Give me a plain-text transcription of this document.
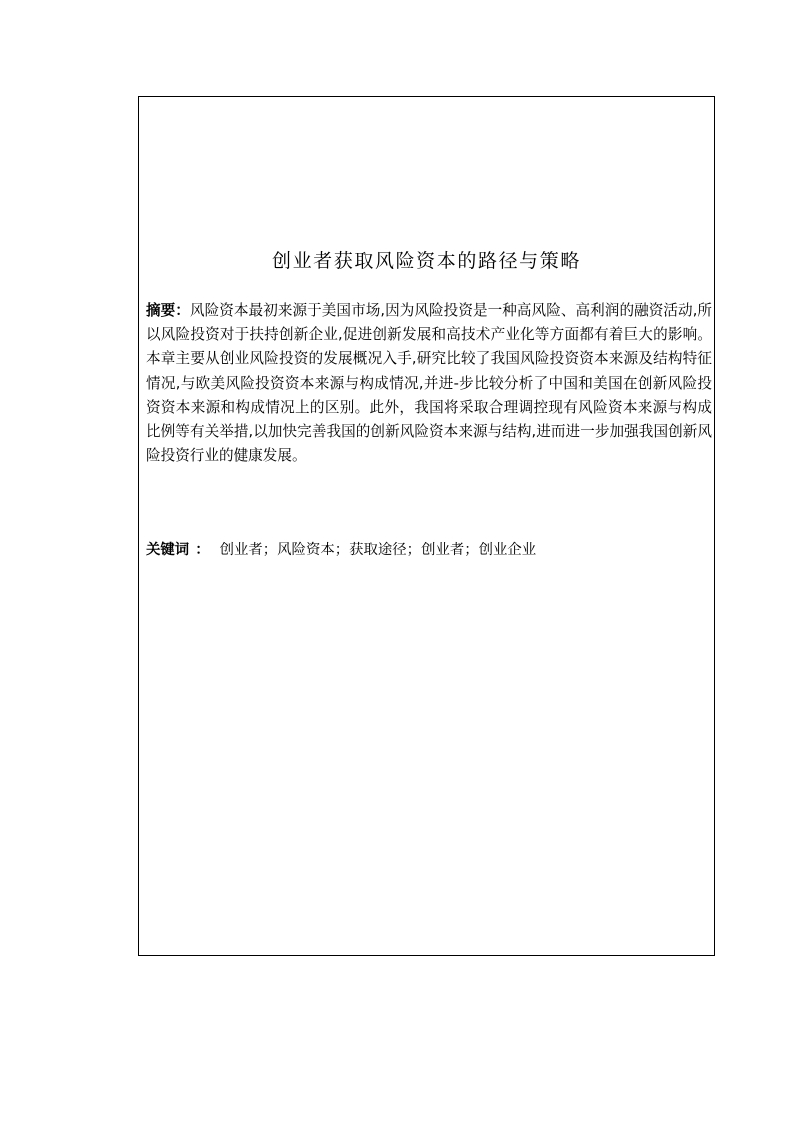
创业者获取风险资本的路径与策略
摘要：风险资本最初来源于美国市场,因为风险投资是一种高风险、高利润的融资活动,所以风险投资对于扶持创新企业,促进创新发展和高技术产业化等方面都有着巨大的影响。本章主要从创业风险投资的发展概况入手,研究比较了我国风险投资资本来源及结构特征情况,与欧美风险投资资本来源与构成情况,并进-步比较分析了中国和美国在创新风险投资资本来源和构成情况上的区别。此外，我国将采取合理调控现有风险资本来源与构成比例等有关举措,以加快完善我国的创新风险资本来源与结构,进而进一步加强我国创新风险投资行业的健康发展。
关键词 ： 创业者；风险资本；获取途径；创业者；创业企业
